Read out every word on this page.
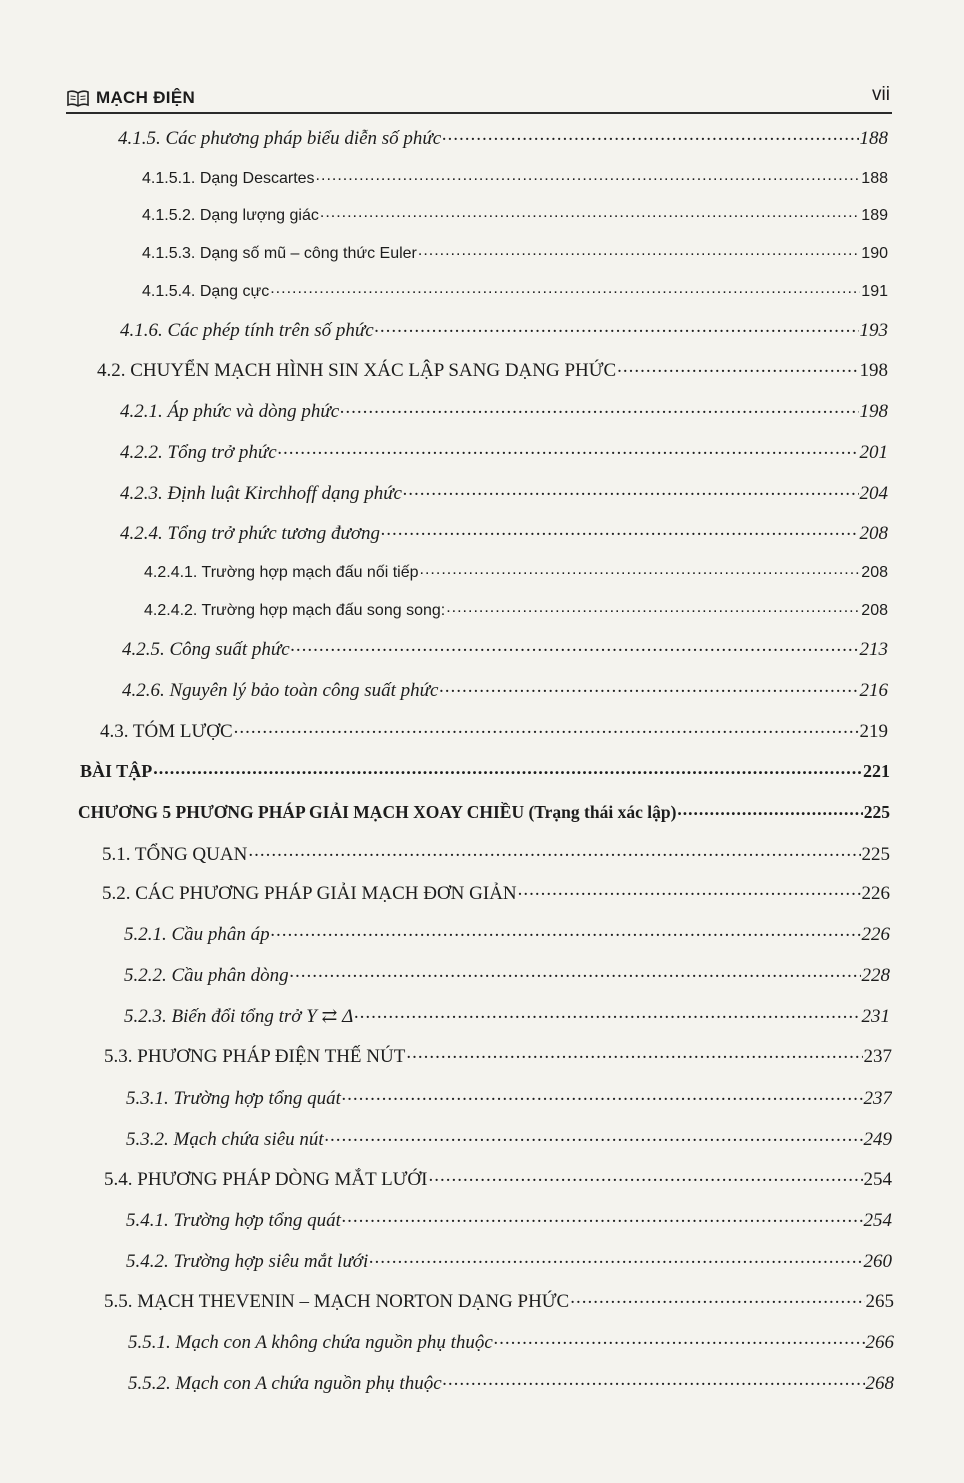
MẠCH ĐIỆN	vii
4.1.5. Các phương pháp biểu diễn số phức .....	188
4.1.5.1. Dạng Descartes .....	188
4.1.5.2. Dạng lượng giác .....	189
4.1.5.3. Dạng số mũ – công thức Euler .....	190
4.1.5.4. Dạng cực .....	191
4.1.6. Các phép tính trên số phức .....	193
4.2. CHUYỂN MẠCH HÌNH SIN XÁC LẬP SANG DẠNG PHỨC .....	198
4.2.1. Áp phức và dòng phức .....	198
4.2.2. Tổng trở phức .....	201
4.2.3. Định luật Kirchhoff dạng phức .....	204
4.2.4. Tổng trở phức tương đương .....	208
4.2.4.1. Trường hợp mạch đấu nối tiếp .....	208
4.2.4.2. Trường hợp mạch đấu song song: .....	208
4.2.5. Công suất phức .....	213
4.2.6. Nguyên lý bảo toàn công suất phức .....	216
4.3. TÓM LƯỢC .....	219
BÀI TẬP .....	221
CHƯƠNG 5 PHƯƠNG PHÁP GIẢI MẠCH XOAY CHIỀU (Trạng thái xác lập) .....	225
5.1. TỔNG QUAN .....	225
5.2. CÁC PHƯƠNG PHÁP GIẢI MẠCH ĐƠN GIẢN .....	226
5.2.1. Cầu phân áp .....	226
5.2.2. Cầu phân dòng .....	228
5.2.3. Biến đổi tổng trở Y ⇄ Δ .....	231
5.3. PHƯƠNG PHÁP ĐIỆN THẾ NÚT .....	237
5.3.1. Trường hợp tổng quát .....	237
5.3.2. Mạch chứa siêu nút .....	249
5.4. PHƯƠNG PHÁP DÒNG MẮT LƯỚI .....	254
5.4.1. Trường hợp tổng quát .....	254
5.4.2. Trường hợp siêu mắt lưới .....	260
5.5. MẠCH THEVENIN – MẠCH NORTON DẠNG PHỨC .....	265
5.5.1. Mạch con A không chứa nguồn phụ thuộc .....	266
5.5.2. Mạch con A chứa nguồn phụ thuộc .....	268
